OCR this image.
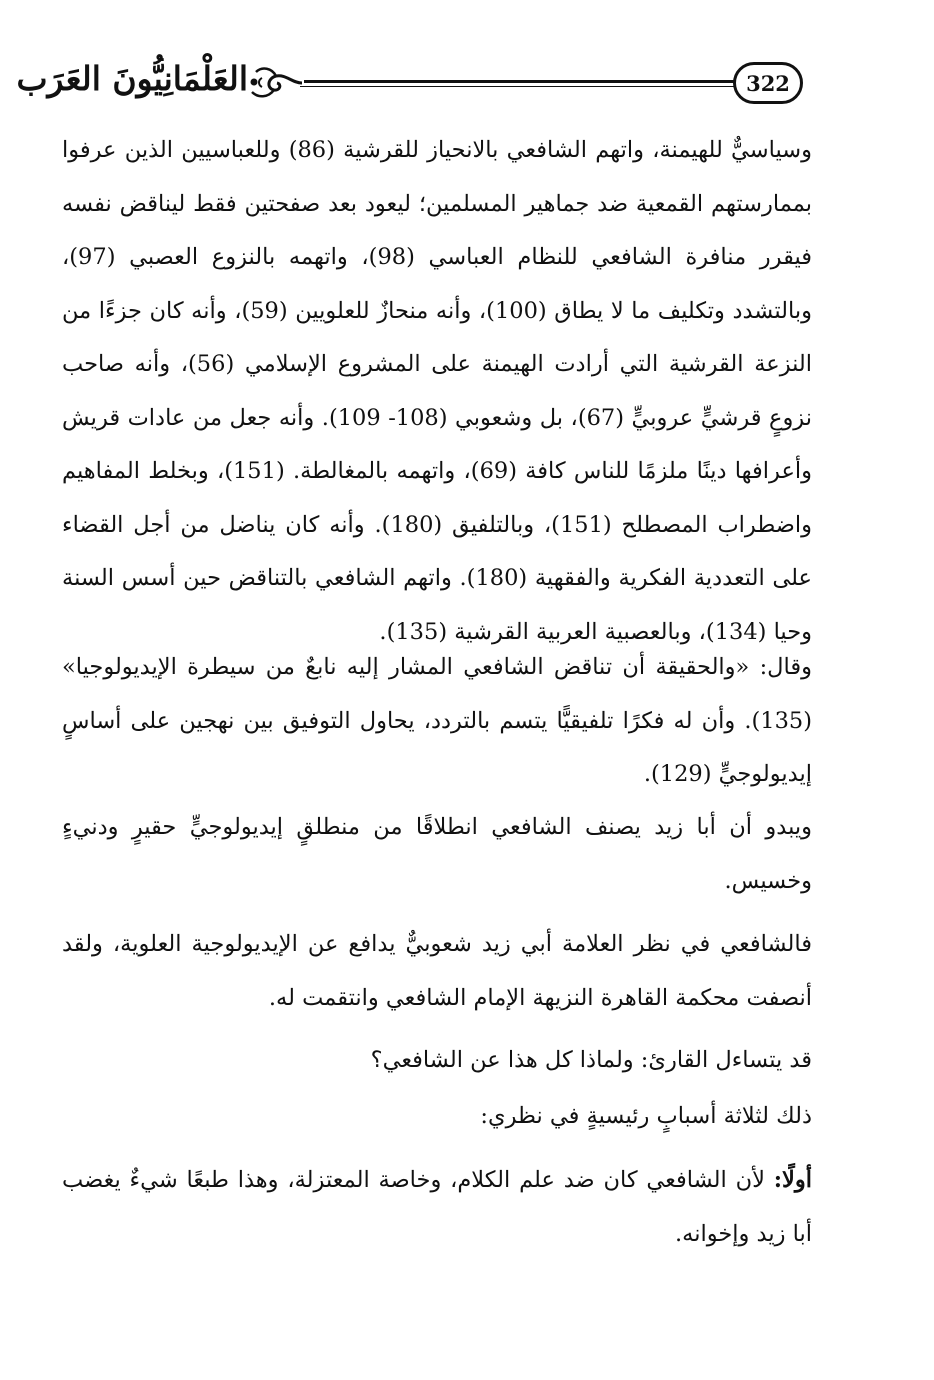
322
العَلْمَانِيُّونَ العَرَب
وسياسيٌّ للهيمنة، واتهم الشافعي بالانحياز للقرشية (86) وللعباسيين الذين عرفوا بممارستهم القمعية ضد جماهير المسلمين؛ ليعود بعد صفحتين فقط ليناقض نفسه فيقرر منافرة الشافعي للنظام العباسي (98)، واتهمه بالنزوع العصبي (97)، وبالتشدد وتكليف ما لا يطاق (100)، وأنه منحازٌ للعلويين (59)، وأنه كان جزءًا من النزعة القرشية التي أرادت الهيمنة على المشروع الإسلامي (56)، وأنه صاحب نزوعٍ قرشيٍّ عروبيٍّ (67)، بل وشعوبي (108- 109). وأنه جعل من عادات قريش وأعرافها دينًا ملزمًا للناس كافة (69)، واتهمه بالمغالطة. (151)، وبخلط المفاهيم واضطراب المصطلح (151)، وبالتلفيق (180). وأنه كان يناضل من أجل القضاء على التعددية الفكرية والفقهية (180). واتهم الشافعي بالتناقض حين أسس السنة وحيا (134)، وبالعصبية العربية القرشية (135).
وقال: «والحقيقة أن تناقض الشافعي المشار إليه نابعٌ من سيطرة الإيديولوجيا» (135). وأن له فكرًا تلفيقيًّا يتسم بالتردد، يحاول التوفيق بين نهجين على أساسٍ إيديولوجيٍّ (129).
ويبدو أن أبا زيد يصنف الشافعي انطلاقًا من منطلقٍ إيديولوجيٍّ حقيرٍ ودنيءٍ وخسيس.
فالشافعي في نظر العلامة أبي زيد شعوبيٌّ يدافع عن الإيديولوجية العلوية، ولقد أنصفت محكمة القاهرة النزيهة الإمام الشافعي وانتقمت له.
قد يتساءل القارئ: ولماذا كل هذا عن الشافعي؟
ذلك لثلاثة أسبابٍ رئيسيةٍ في نظري:
أولًا: لأن الشافعي كان ضد علم الكلام، وخاصة المعتزلة، وهذا طبعًا شيءٌ يغضب أبا زيد وإخوانه.
